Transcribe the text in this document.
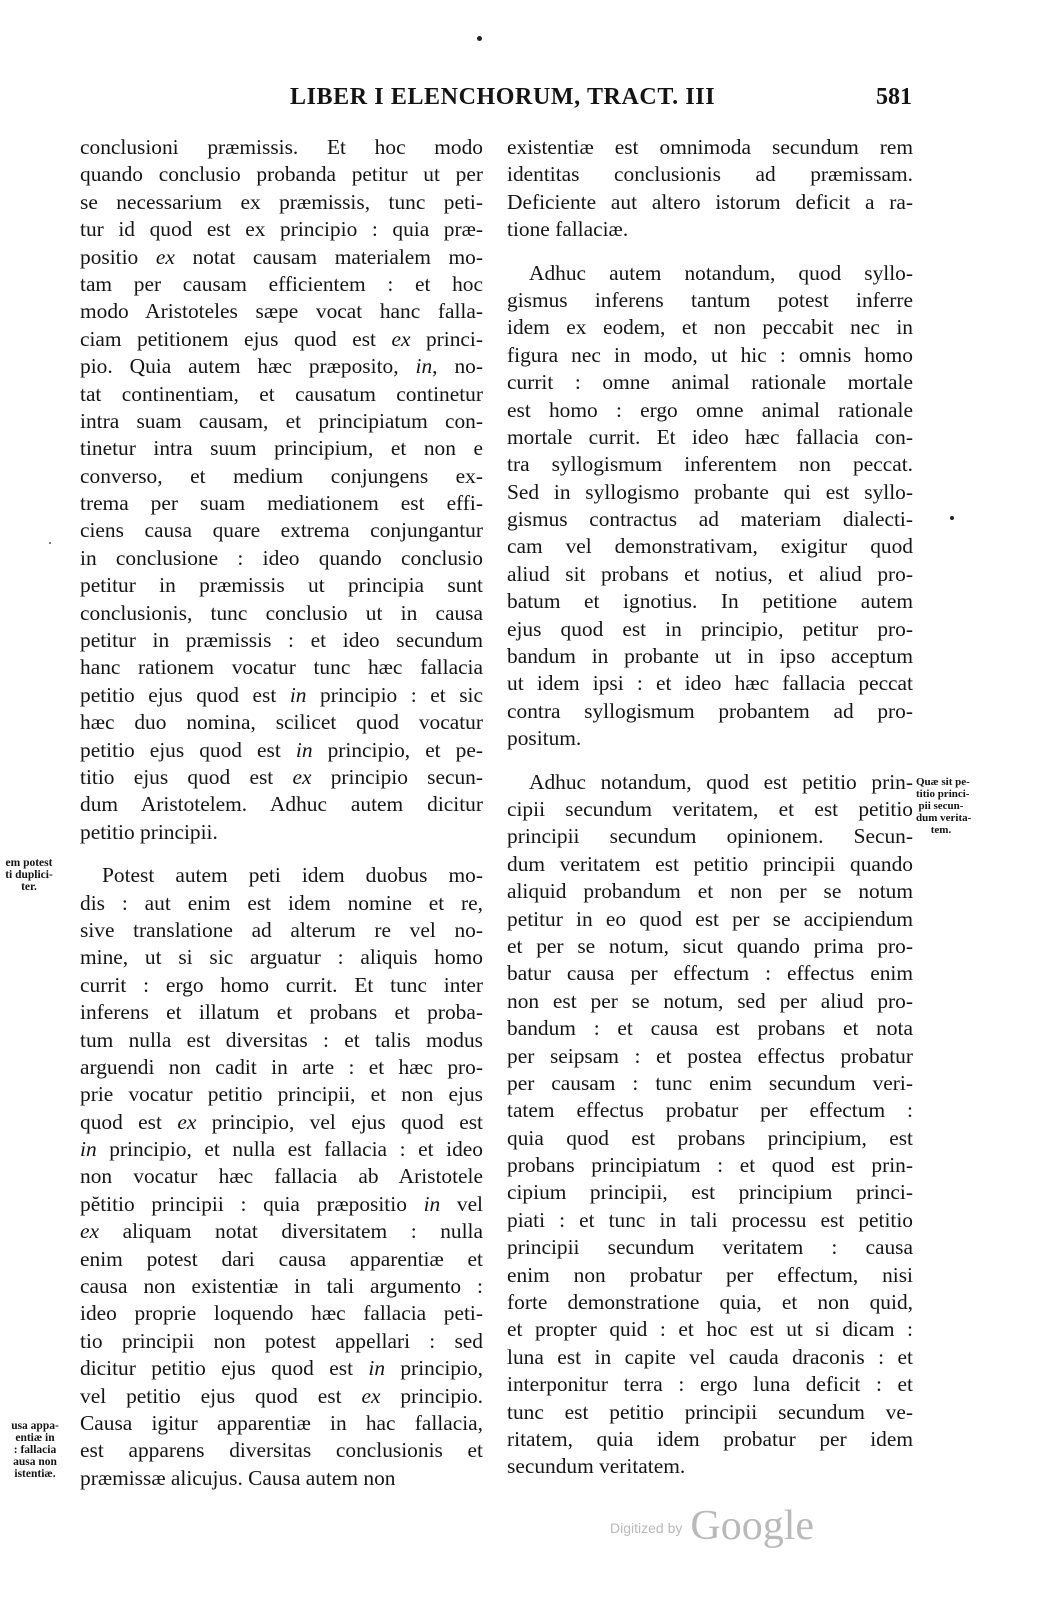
LIBER I ELENCHORUM, TRACT. III	581
conclusioni præmissis. Et hoc modo
quando conclusio probanda petitur ut per
se necessarium ex præmissis, tunc peti-
tur id quod est ex principio : quia præ-
positio ex notat causam materialem mo-
tam per causam efficientem : et hoc
modo Aristoteles sæpe vocat hanc falla-
ciam petitionem ejus quod est ex princi-
pio. Quia autem hæc præposito, in, no-
tat continentiam, et causatum continetur
intra suam causam, et principiatum con-
tinetur intra suum principium, et non e
converso, et medium conjungens ex-
trema per suam mediationem est effi-
ciens causa quare extrema conjungantur
in conclusione : ideo quando conclusio
petitur in præmissis ut principia sunt
conclusionis, tunc conclusio ut in causa
petitur in præmissis : et ideo secundum
hanc rationem vocatur tunc hæc fallacia
petitio ejus quod est in principio : et sic
hæc duo nomina, scilicet quod vocatur
petitio ejus quod est in principio, et pe-
titio ejus quod est ex principio secun-
dum Aristotelem. Adhuc autem dicitur
petitio principii.
Potest autem peti idem duobus mo-
dis : aut enim est idem nomine et re,
sive translatione ad alterum re vel no-
mine, ut si sic arguatur : aliquis homo
currit : ergo homo currit. Et tunc inter
inferens et illatum et probans et proba-
tum nulla est diversitas : et talis modus
arguendi non cadit in arte : et hæc pro-
prie vocatur petitio principii, et non ejus
quod est ex principio, vel ejus quod est
in principio, et nulla est fallacia : et ideo
non vocatur hæc fallacia ab Aristotele
pĕtitio principii : quia præpositio in vel
ex aliquam notat diversitatem : nulla
enim potest dari causa apparentiæ et
causa non existentiæ in tali argumento :
ideo proprie loquendo hæc fallacia peti-
tio principii non potest appellari : sed
dicitur petitio ejus quod est in principio,
vel petitio ejus quod est ex principio.
Causa igitur apparentiæ in hac fallacia,
est apparens diversitas conclusionis et
præmissæ alicujus. Causa autem non
existentiæ est omnimoda secundum rem
identitas conclusionis ad præmissam.
Deficiente aut altero istorum deficit a ra-
tione fallaciæ.
Adhuc autem notandum, quod syllo-
gismus inferens tantum potest inferre
idem ex eodem, et non peccabit nec in
figura nec in modo, ut hic : omnis homo
currit : omne animal rationale mortale
est homo : ergo omne animal rationale
mortale currit. Et ideo hæc fallacia con-
tra syllogismum inferentem non peccat.
Sed in syllogismo probante qui est syllo-
gismus contractus ad materiam dialecti-
cam vel demonstrativam, exigitur quod
aliud sit probans et notius, et aliud pro-
batum et ignotius. In petitione autem
ejus quod est in principio, petitur pro-
bandum in probante ut in ipso acceptum
ut idem ipsi : et ideo hæc fallacia peccat
contra syllogismum probantem ad pro-
positum.
Adhuc notandum, quod est petitio prin-
cipii secundum veritatem, et est petitio
principii secundum opinionem. Secun-
dum veritatem est petitio principii quando
aliquid probandum et non per se notum
petitur in eo quod est per se accipiendum
et per se notum, sicut quando prima pro-
batur causa per effectum : effectus enim
non est per se notum, sed per aliud pro-
bandum : et causa est probans et nota
per seipsam : et postea effectus probatur
per causam : tunc enim secundum veri-
tatem effectus probatur per effectum :
quia quod est probans principium, est
probans principiatum : et quod est prin-
cipium principii, est principium princi-
piati : et tunc in tali processu est petitio
principii secundum veritatem : causa
enim non probatur per effectum, nisi
forte demonstratione quia, et non quid,
et propter quid : et hoc est ut si dicam :
luna est in capite vel cauda draconis : et
interponitur terra : ergo luna deficit : et
tunc est petitio principii secundum ve-
ritatem, quia idem probatur per idem
secundum veritatem.
em potest
ti duplici-
ter.
usa appa-
entiæ in
: fallacia
ausa non
istentiæ.
Quæ sit pe-
titio princi-
pii secun-
dum verita-
tem.
Digitized by Google
